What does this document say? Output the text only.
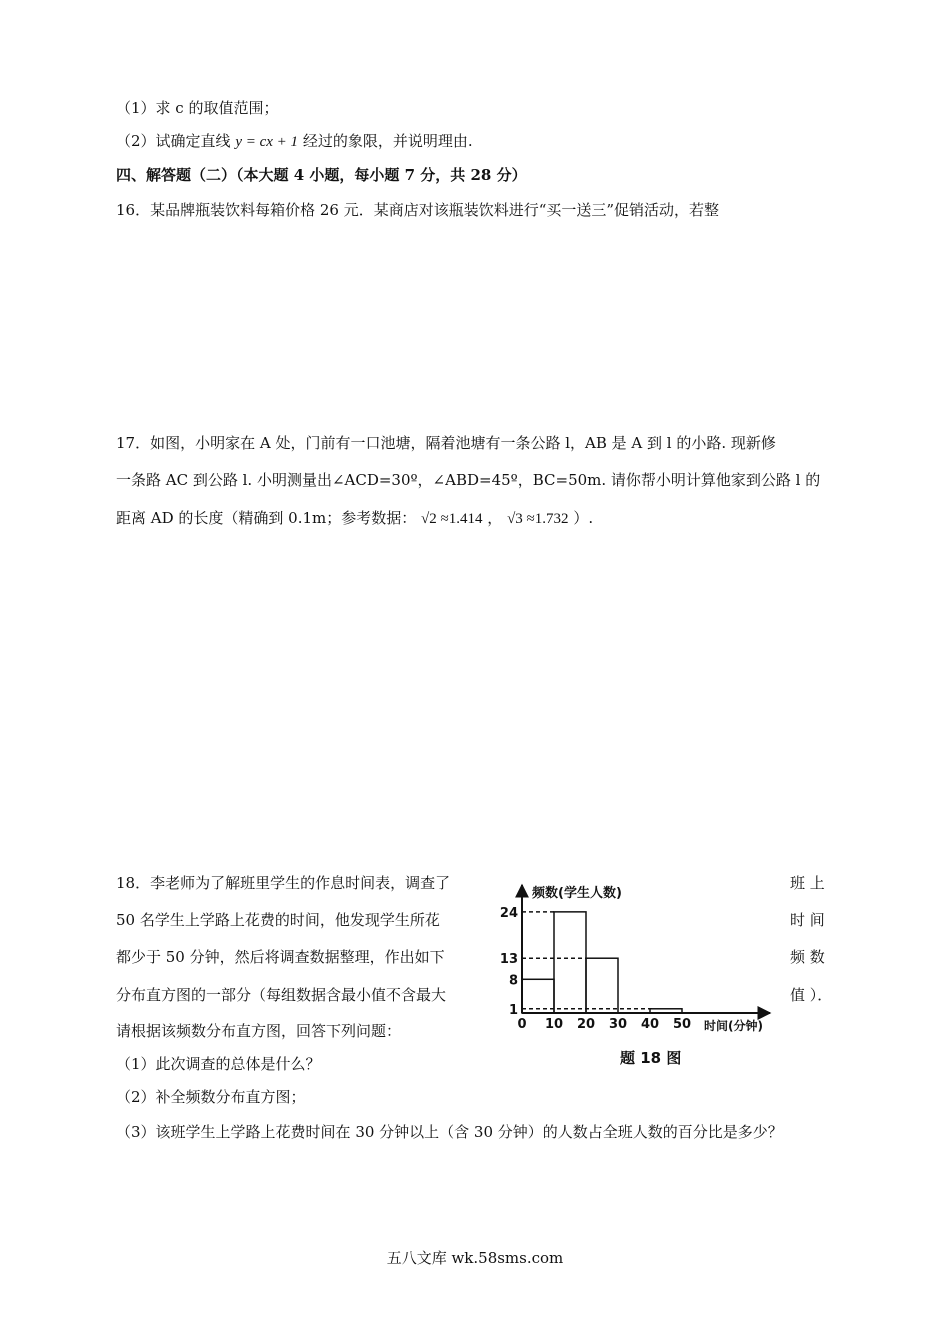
（1）求 c 的取值范围；
（2）试确定直线 y = cx + 1 经过的象限，并说明理由.
四、解答题（二）（本大题 4 小题，每小题 7 分，共 28 分）
16．某品牌瓶装饮料每箱价格 26 元．某商店对该瓶装饮料进行“买一送三”促销活动，若整
17．如图，小明家在 A 处，门前有一口池塘，隔着池塘有一条公路 l，AB 是 A 到 l 的小路. 现新修
一条路 AC 到公路 l. 小明测量出∠ACD=30º，∠ABD=45º，BC=50m. 请你帮小明计算他家到公路 l 的
距离 AD 的长度（精确到 0.1m；参考数据： √2 ≈1.414 ， √3 ≈1.732 ）.
18．李老师为了解班里学生的作息时间表，调查了	班 上
50 名学生上学路上花费的时间，他发现学生所花	时 间
都少于 50 分钟，然后将调查数据整理，作出如下	频 数
分布直方图的一部分（每组数据含最小值不含最大	值 ）．
请根据该频数分布直方图，回答下列问题：
（1）此次调查的总体是什么？
（2）补全频数分布直方图；
（3）该班学生上学路上花费时间在 30 分钟以上（含 30 分钟）的人数占全班人数的百分比是多少？
频数(学生人数)
时间(分钟)
1
8
13
24
0 10 20 30 40 50
题 18 图
五八文库 wk.58sms.com
